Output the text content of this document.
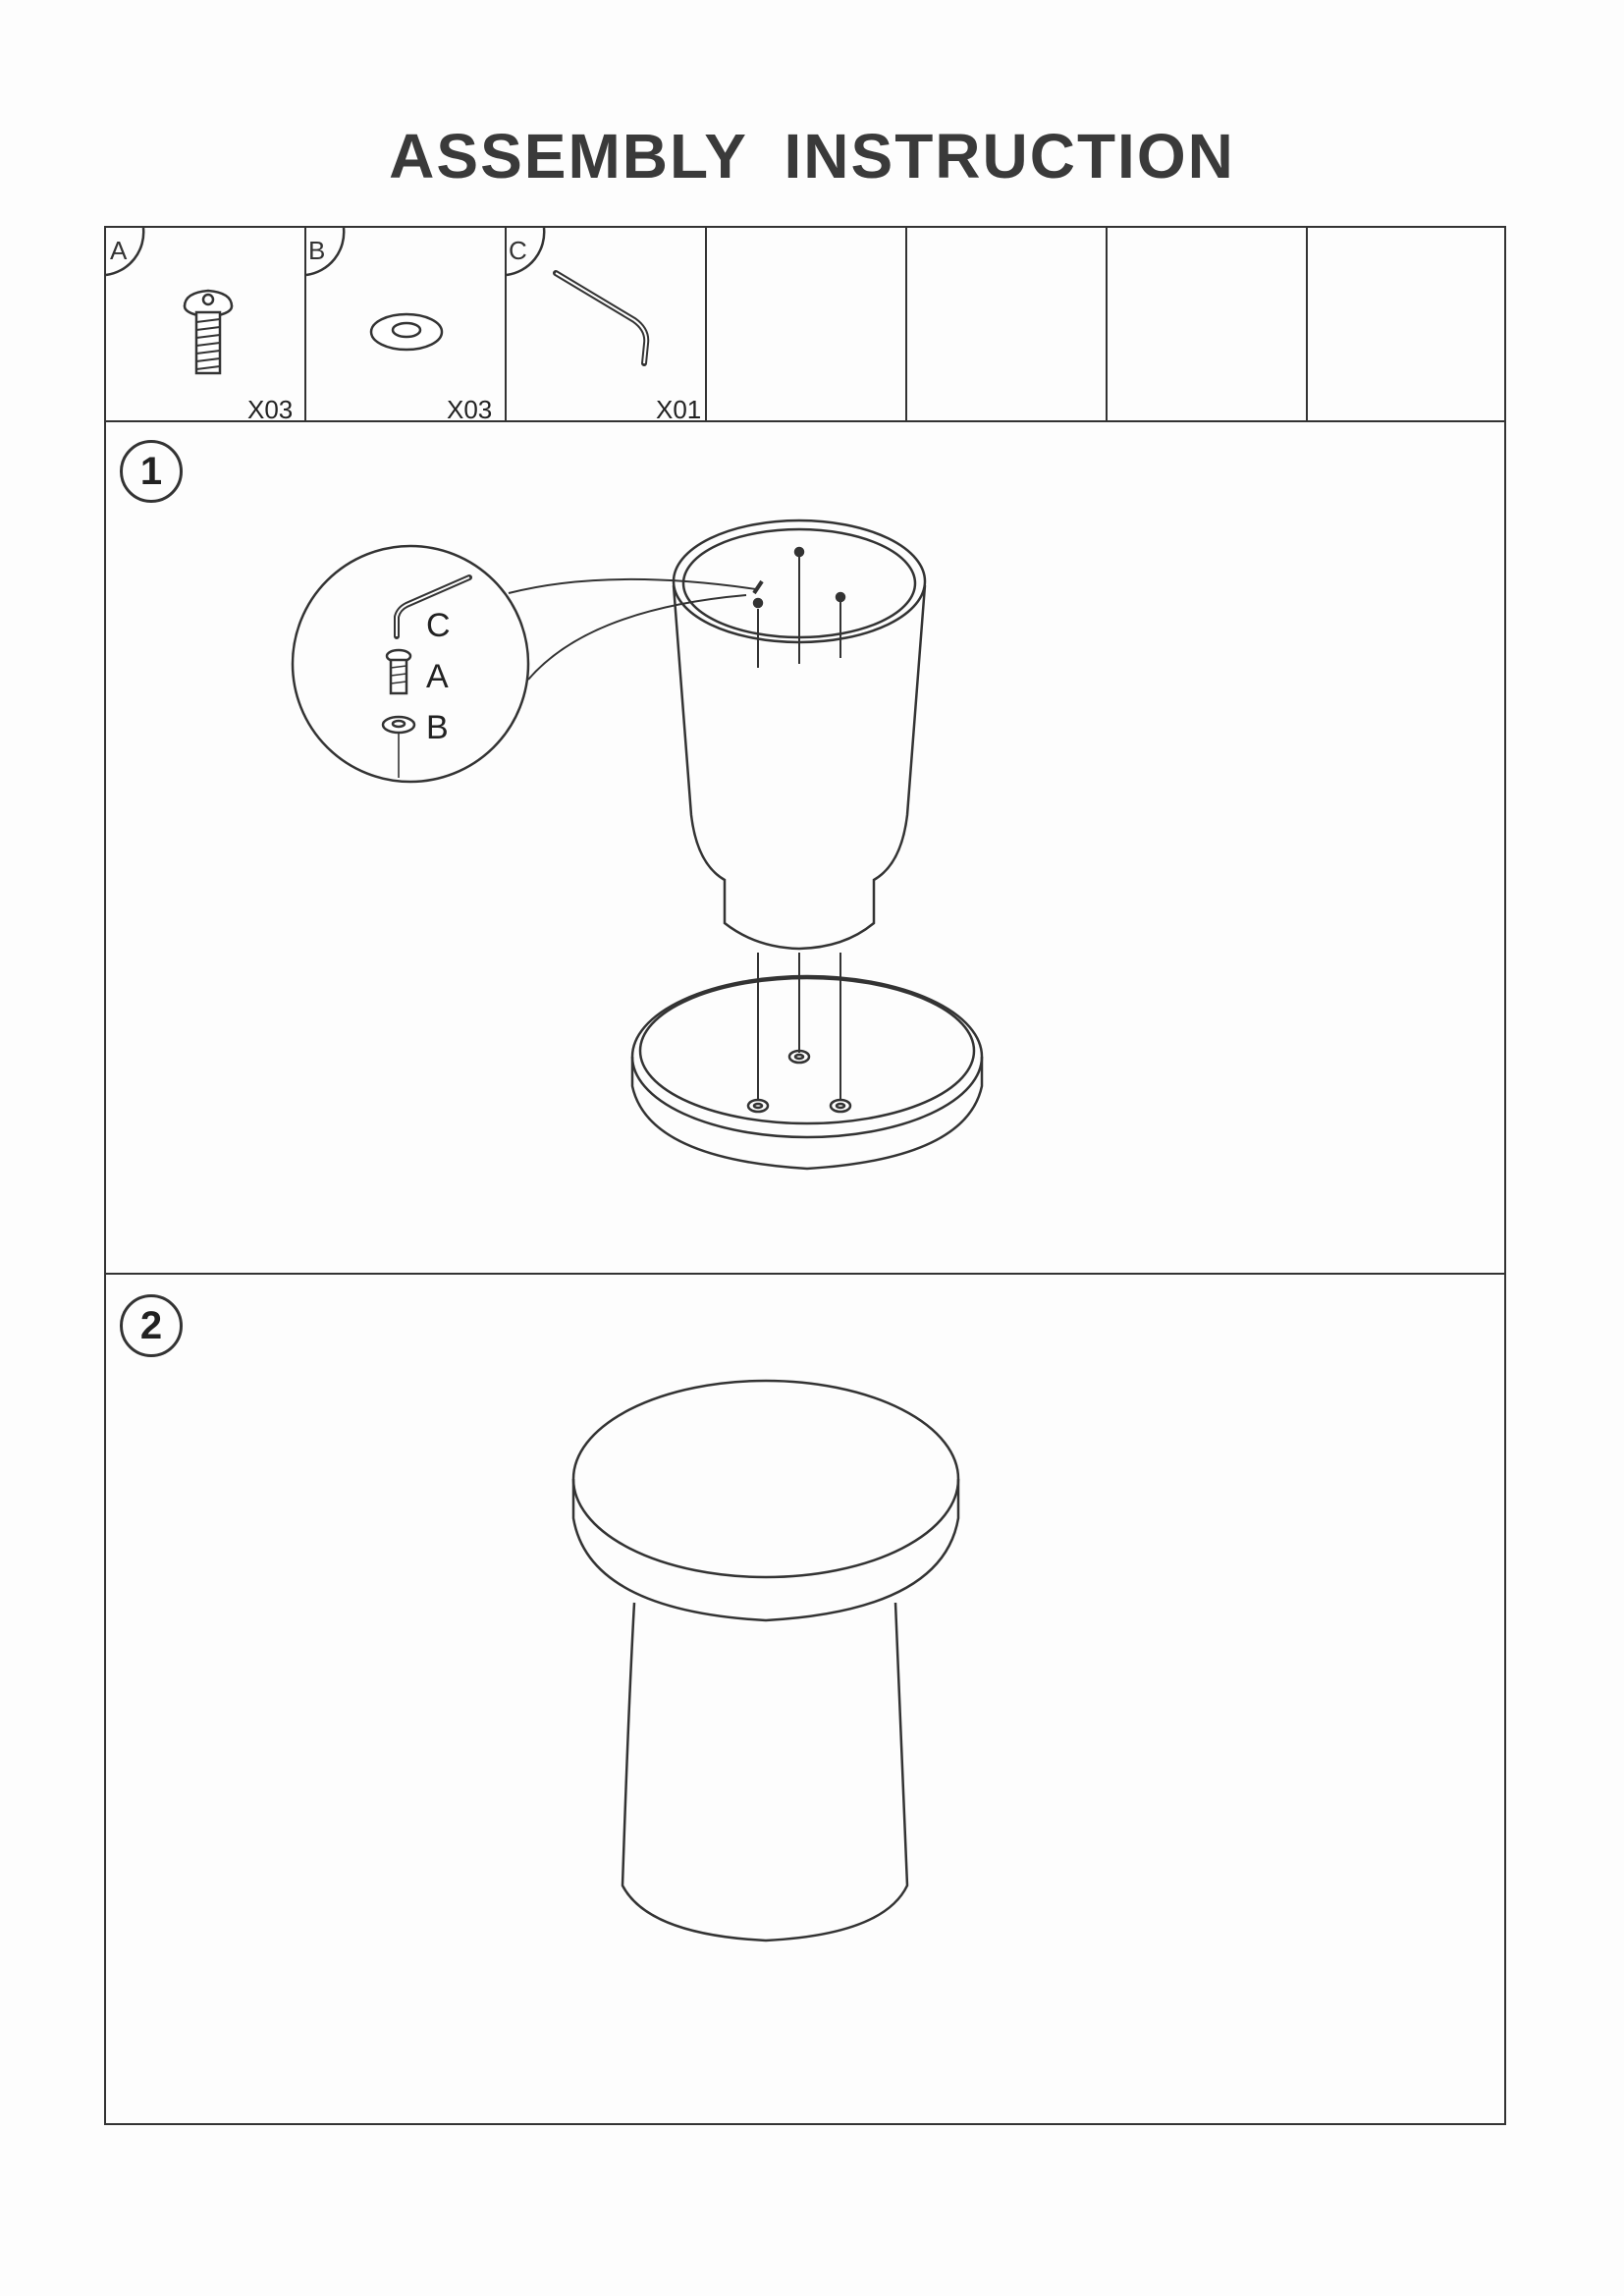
ASSEMBLY INSTRUCTION
A
X03
B
X03
C
X01
1
2
C
A
B
